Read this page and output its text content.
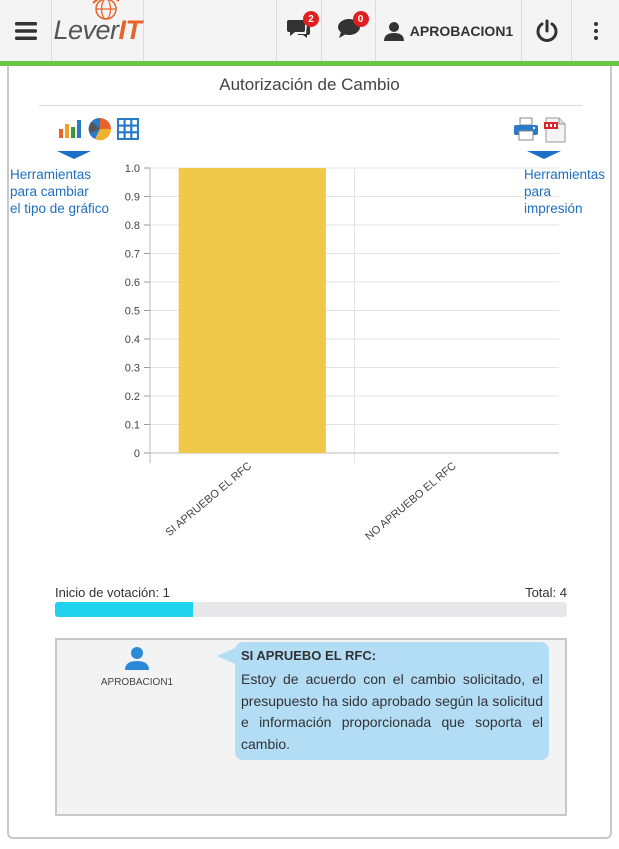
LeverIT	2	0
APROBACION1
Autorización de Cambio
Herramientas
para cambiar
el tipo de gráfico
Herramientas
para
impresión
0
0.1
0.2
0.3
0.4
0.5
0.6
0.7
0.8
0.9
1.0
SI APRUEBO EL RFC	NO APRUEBO EL RFC
Inicio de votación: 1	Total: 4
APROBACION1
SI APRUEBO EL RFC:
Estoy de acuerdo con el cambio solicitado, el presupuesto ha sido aprobado según la solicitud e información proporcionada que soporta el cambio.
